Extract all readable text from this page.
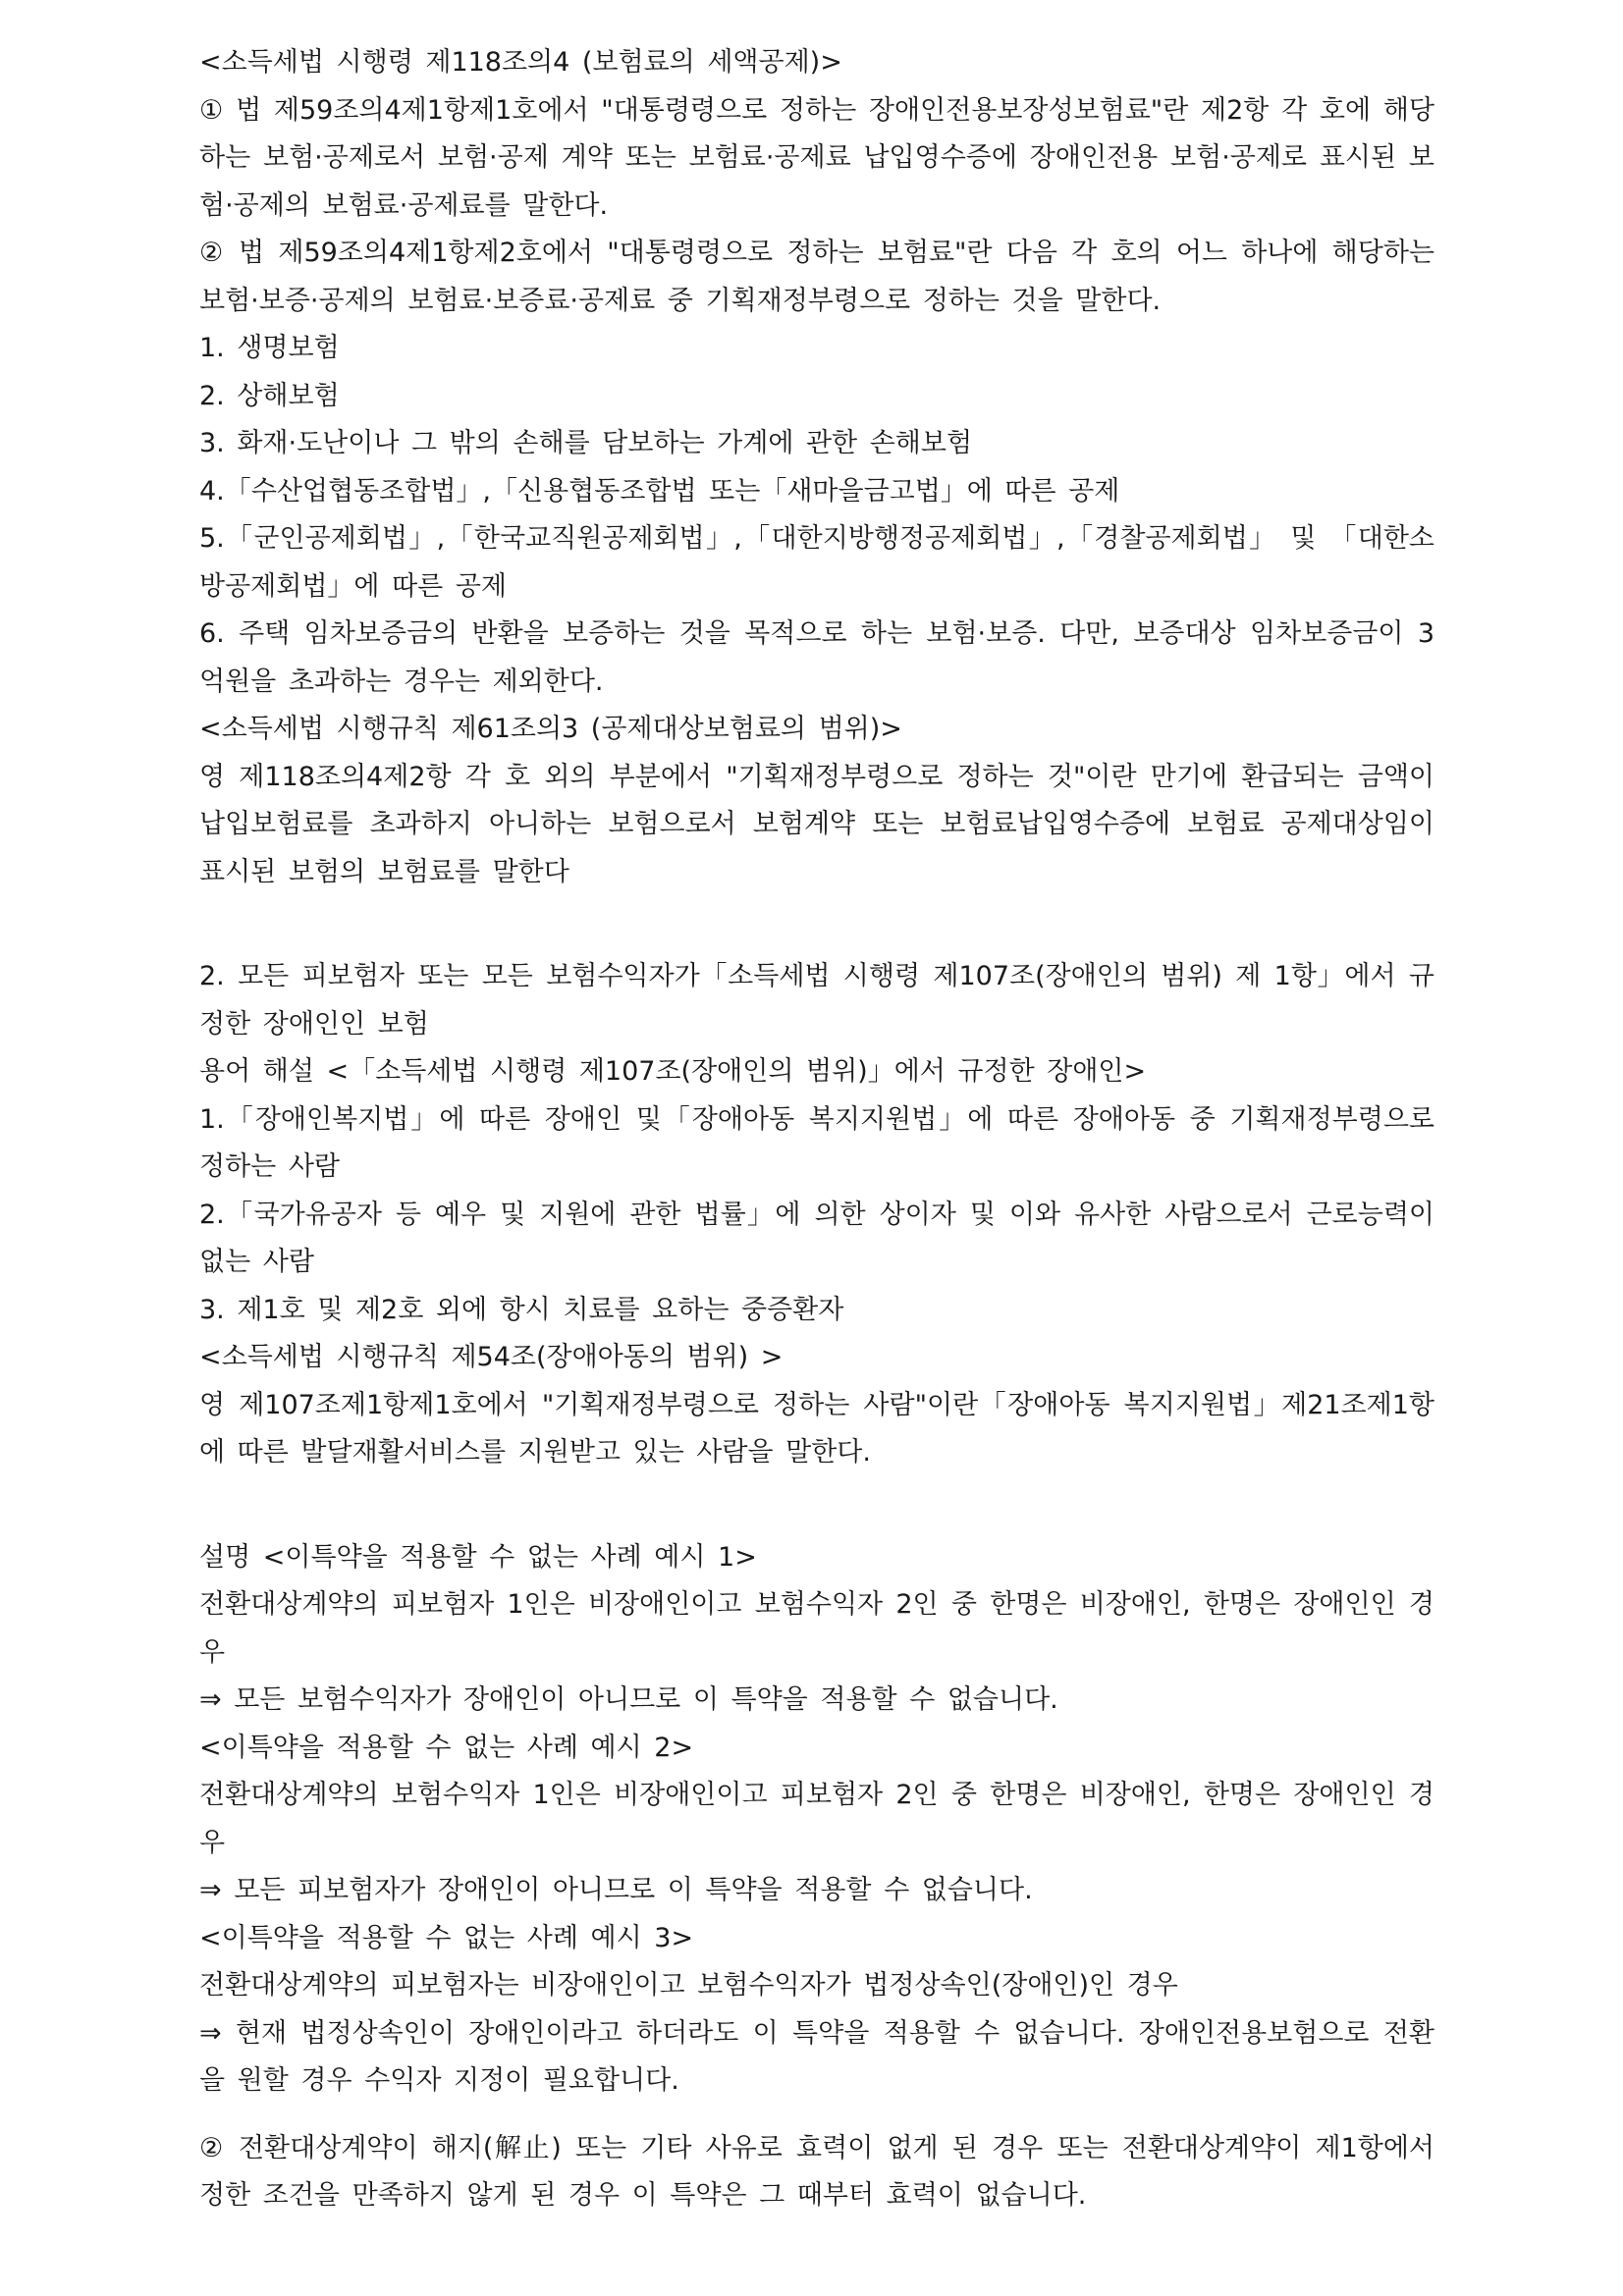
<소득세법 시행령 제118조의4 (보험료의 세액공제)>

① 법 제59조의4제1항제1호에서 "대통령령으로 정하는 장애인전용보장성보험료"란 제2항 각 호에 해당하는 보험·공제로서 보험·공제 계약 또는 보험료·공제료 납입영수증에 장애인전용 보험·공제로 표시된 보험·공제의 보험료·공제료를 말한다.

② 법 제59조의4제1항제2호에서 "대통령령으로 정하는 보험료"란 다음 각 호의 어느 하나에 해당하는 보험·보증·공제의 보험료·보증료·공제료 중 기획재정부령으로 정하는 것을 말한다.

1. 생명보험

2. 상해보험

3. 화재·도난이나 그 밖의 손해를 담보하는 가계에 관한 손해보험

4.「수산업협동조합법」,「신용협동조합법 또는「새마을금고법」에 따른 공제

5.「군인공제회법」,「한국교직원공제회법」,「대한지방행정공제회법」,「경찰공제회법」 및 「대한소방공제회법」에 따른 공제

6. 주택 임차보증금의 반환을 보증하는 것을 목적으로 하는 보험·보증. 다만, 보증대상 임차보증금이 3억원을 초과하는 경우는 제외한다.

<소득세법 시행규칙 제61조의3 (공제대상보험료의 범위)>

영 제118조의4제2항 각 호 외의 부분에서 "기획재정부령으로 정하는 것"이란 만기에 환급되는 금액이 납입보험료를 초과하지 아니하는 보험으로서 보험계약 또는 보험료납입영수증에 보험료 공제대상임이 표시된 보험의 보험료를 말한다

2. 모든 피보험자 또는 모든 보험수익자가「소득세법 시행령 제107조(장애인의 범위) 제 1항」에서 규정한 장애인인 보험

용어 해설 <「소득세법 시행령 제107조(장애인의 범위)」에서 규정한 장애인>

1.「장애인복지법」에 따른 장애인 및「장애아동 복지지원법」에 따른 장애아동 중 기획재정부령으로 정하는 사람

2.「국가유공자 등 예우 및 지원에 관한 법률」에 의한 상이자 및 이와 유사한 사람으로서 근로능력이 없는 사람

3. 제1호 및 제2호 외에 항시 치료를 요하는 중증환자

<소득세법 시행규칙 제54조(장애아동의 범위) >

영 제107조제1항제1호에서 "기획재정부령으로 정하는 사람"이란「장애아동 복지지원법」제21조제1항에 따른 발달재활서비스를 지원받고 있는 사람을 말한다.

설명 <이특약을 적용할 수 없는 사례 예시 1>

전환대상계약의 피보험자 1인은 비장애인이고 보험수익자 2인 중 한명은 비장애인, 한명은 장애인인 경우

⇒ 모든 보험수익자가 장애인이 아니므로 이 특약을 적용할 수 없습니다.

<이특약을 적용할 수 없는 사례 예시 2>

전환대상계약의 보험수익자 1인은 비장애인이고 피보험자 2인 중 한명은 비장애인, 한명은 장애인인 경우

⇒ 모든 피보험자가 장애인이 아니므로 이 특약을 적용할 수 없습니다.

<이특약을 적용할 수 없는 사례 예시 3>

전환대상계약의 피보험자는 비장애인이고 보험수익자가 법정상속인(장애인)인 경우

⇒ 현재 법정상속인이 장애인이라고 하더라도 이 특약을 적용할 수 없습니다. 장애인전용보험으로 전환을 원할 경우 수익자 지정이 필요합니다.

② 전환대상계약이 해지(解止) 또는 기타 사유로 효력이 없게 된 경우 또는 전환대상계약이 제1항에서 정한 조건을 만족하지 않게 된 경우 이 특약은 그 때부터 효력이 없습니다.
